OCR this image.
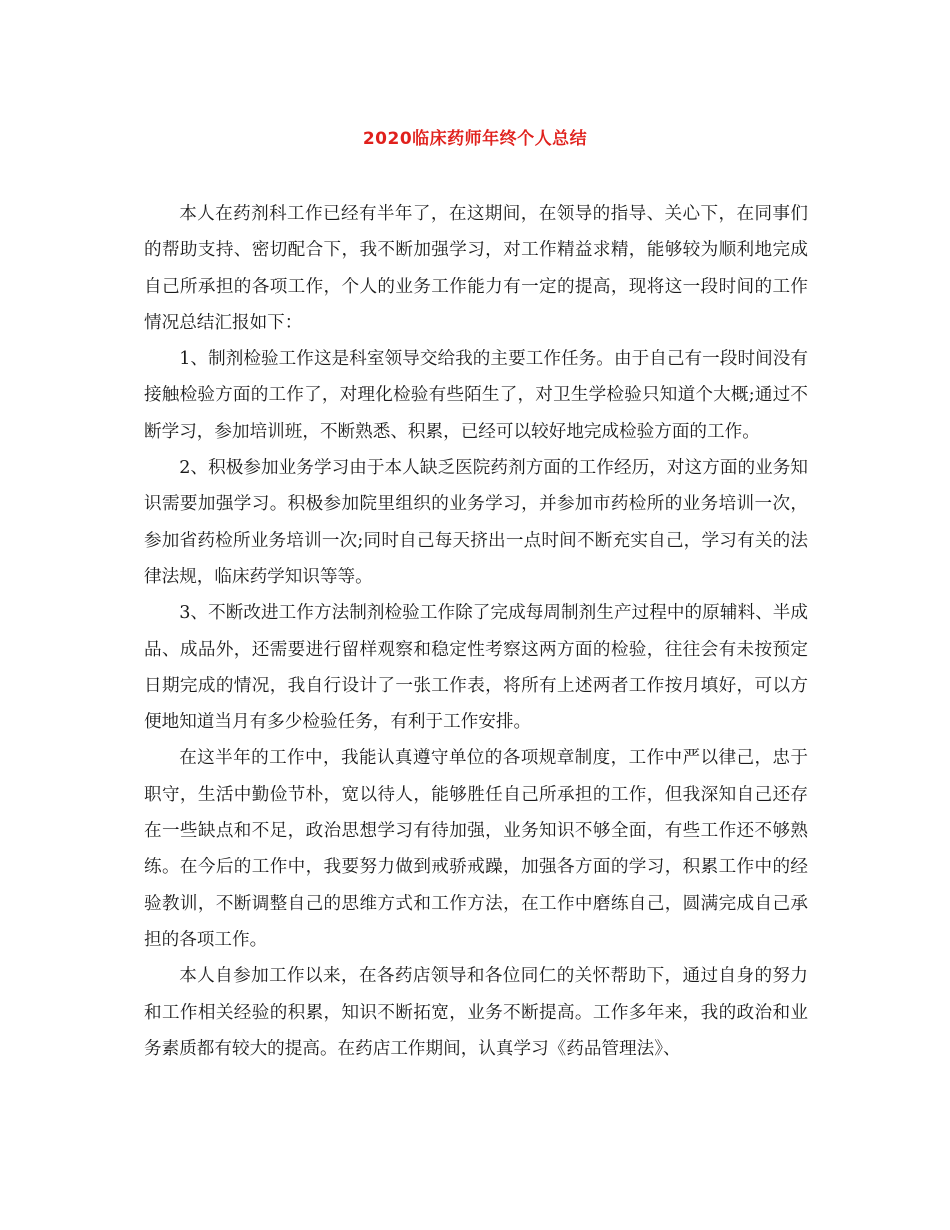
2020临床药师年终个人总结

本人在药剂科工作已经有半年了，在这期间，在领导的指导、关心下，在同事们的帮助支持、密切配合下，我不断加强学习，对工作精益求精，能够较为顺利地完成自己所承担的各项工作，个人的业务工作能力有一定的提高，现将这一段时间的工作情况总结汇报如下：

1、制剂检验工作这是科室领导交给我的主要工作任务。由于自己有一段时间没有接触检验方面的工作了，对理化检验有些陌生了，对卫生学检验只知道个大概;通过不断学习，参加培训班，不断熟悉、积累，已经可以较好地完成检验方面的工作。

2、积极参加业务学习由于本人缺乏医院药剂方面的工作经历，对这方面的业务知识需要加强学习。积极参加院里组织的业务学习，并参加市药检所的业务培训一次，参加省药检所业务培训一次;同时自己每天挤出一点时间不断充实自己，学习有关的法律法规，临床药学知识等等。

3、不断改进工作方法制剂检验工作除了完成每周制剂生产过程中的原辅料、半成品、成品外，还需要进行留样观察和稳定性考察这两方面的检验，往往会有未按预定日期完成的情况，我自行设计了一张工作表，将所有上述两者工作按月填好，可以方便地知道当月有多少检验任务，有利于工作安排。

在这半年的工作中，我能认真遵守单位的各项规章制度，工作中严以律己，忠于职守，生活中勤俭节朴，宽以待人，能够胜任自己所承担的工作，但我深知自己还存在一些缺点和不足，政治思想学习有待加强，业务知识不够全面，有些工作还不够熟练。在今后的工作中，我要努力做到戒骄戒躁，加强各方面的学习，积累工作中的经验教训，不断调整自己的思维方式和工作方法，在工作中磨练自己，圆满完成自己承担的各项工作。

本人自参加工作以来，在各药店领导和各位同仁的关怀帮助下，通过自身的努力和工作相关经验的积累，知识不断拓宽，业务不断提高。工作多年来，我的政治和业务素质都有较大的提高。在药店工作期间，认真学习《药品管理法》、
